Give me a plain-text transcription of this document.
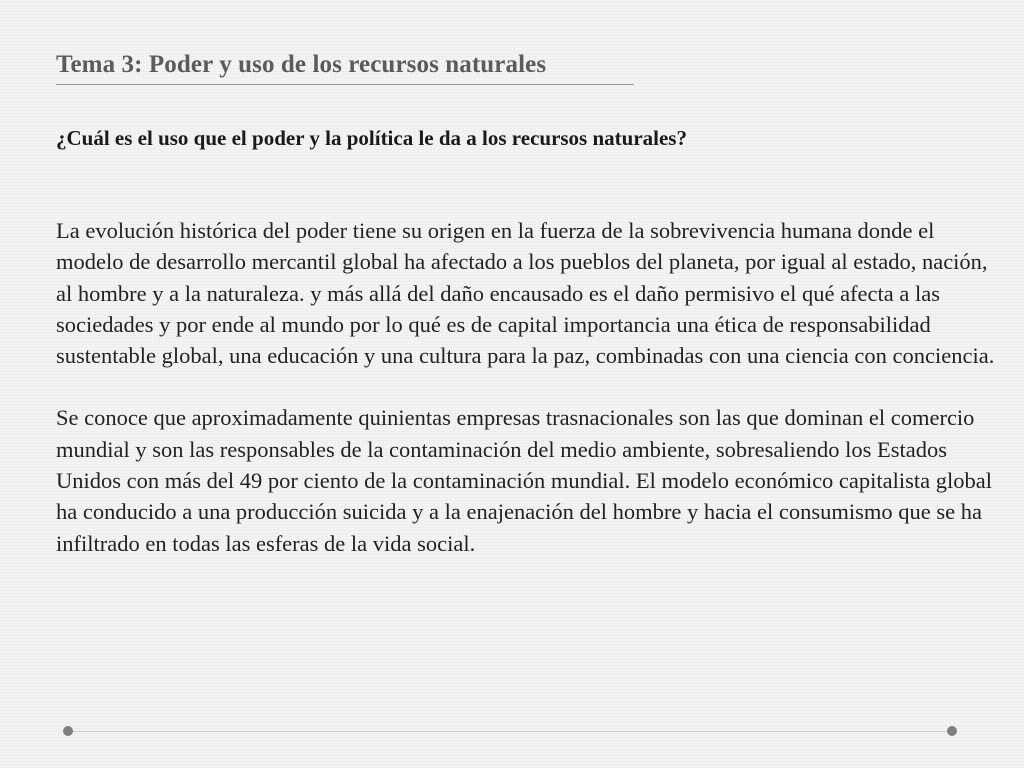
Tema 3: Poder y uso de los recursos naturales
¿Cuál es el uso que el poder y la política le da a los recursos naturales?

La evolución histórica del poder tiene su origen en la fuerza de la sobrevivencia humana donde el modelo de desarrollo mercantil global ha afectado a los pueblos del planeta, por igual al estado, nación, al hombre y a la naturaleza. y más allá del daño encausado es el daño permisivo el qué afecta a las sociedades y por ende al mundo por lo qué es de capital importancia una ética de responsabilidad sustentable global, una educación y una cultura para la paz, combinadas con una ciencia con conciencia.

Se conoce que aproximadamente quinientas empresas trasnacionales son las que dominan el comercio mundial y son las responsables de la contaminación del medio ambiente, sobresaliendo los Estados Unidos con más del 49 por ciento de la contaminación mundial. El modelo económico capitalista global ha conducido a una producción suicida y a la enajenación del hombre y hacia el consumismo que se ha infiltrado en todas las esferas de la vida social.
